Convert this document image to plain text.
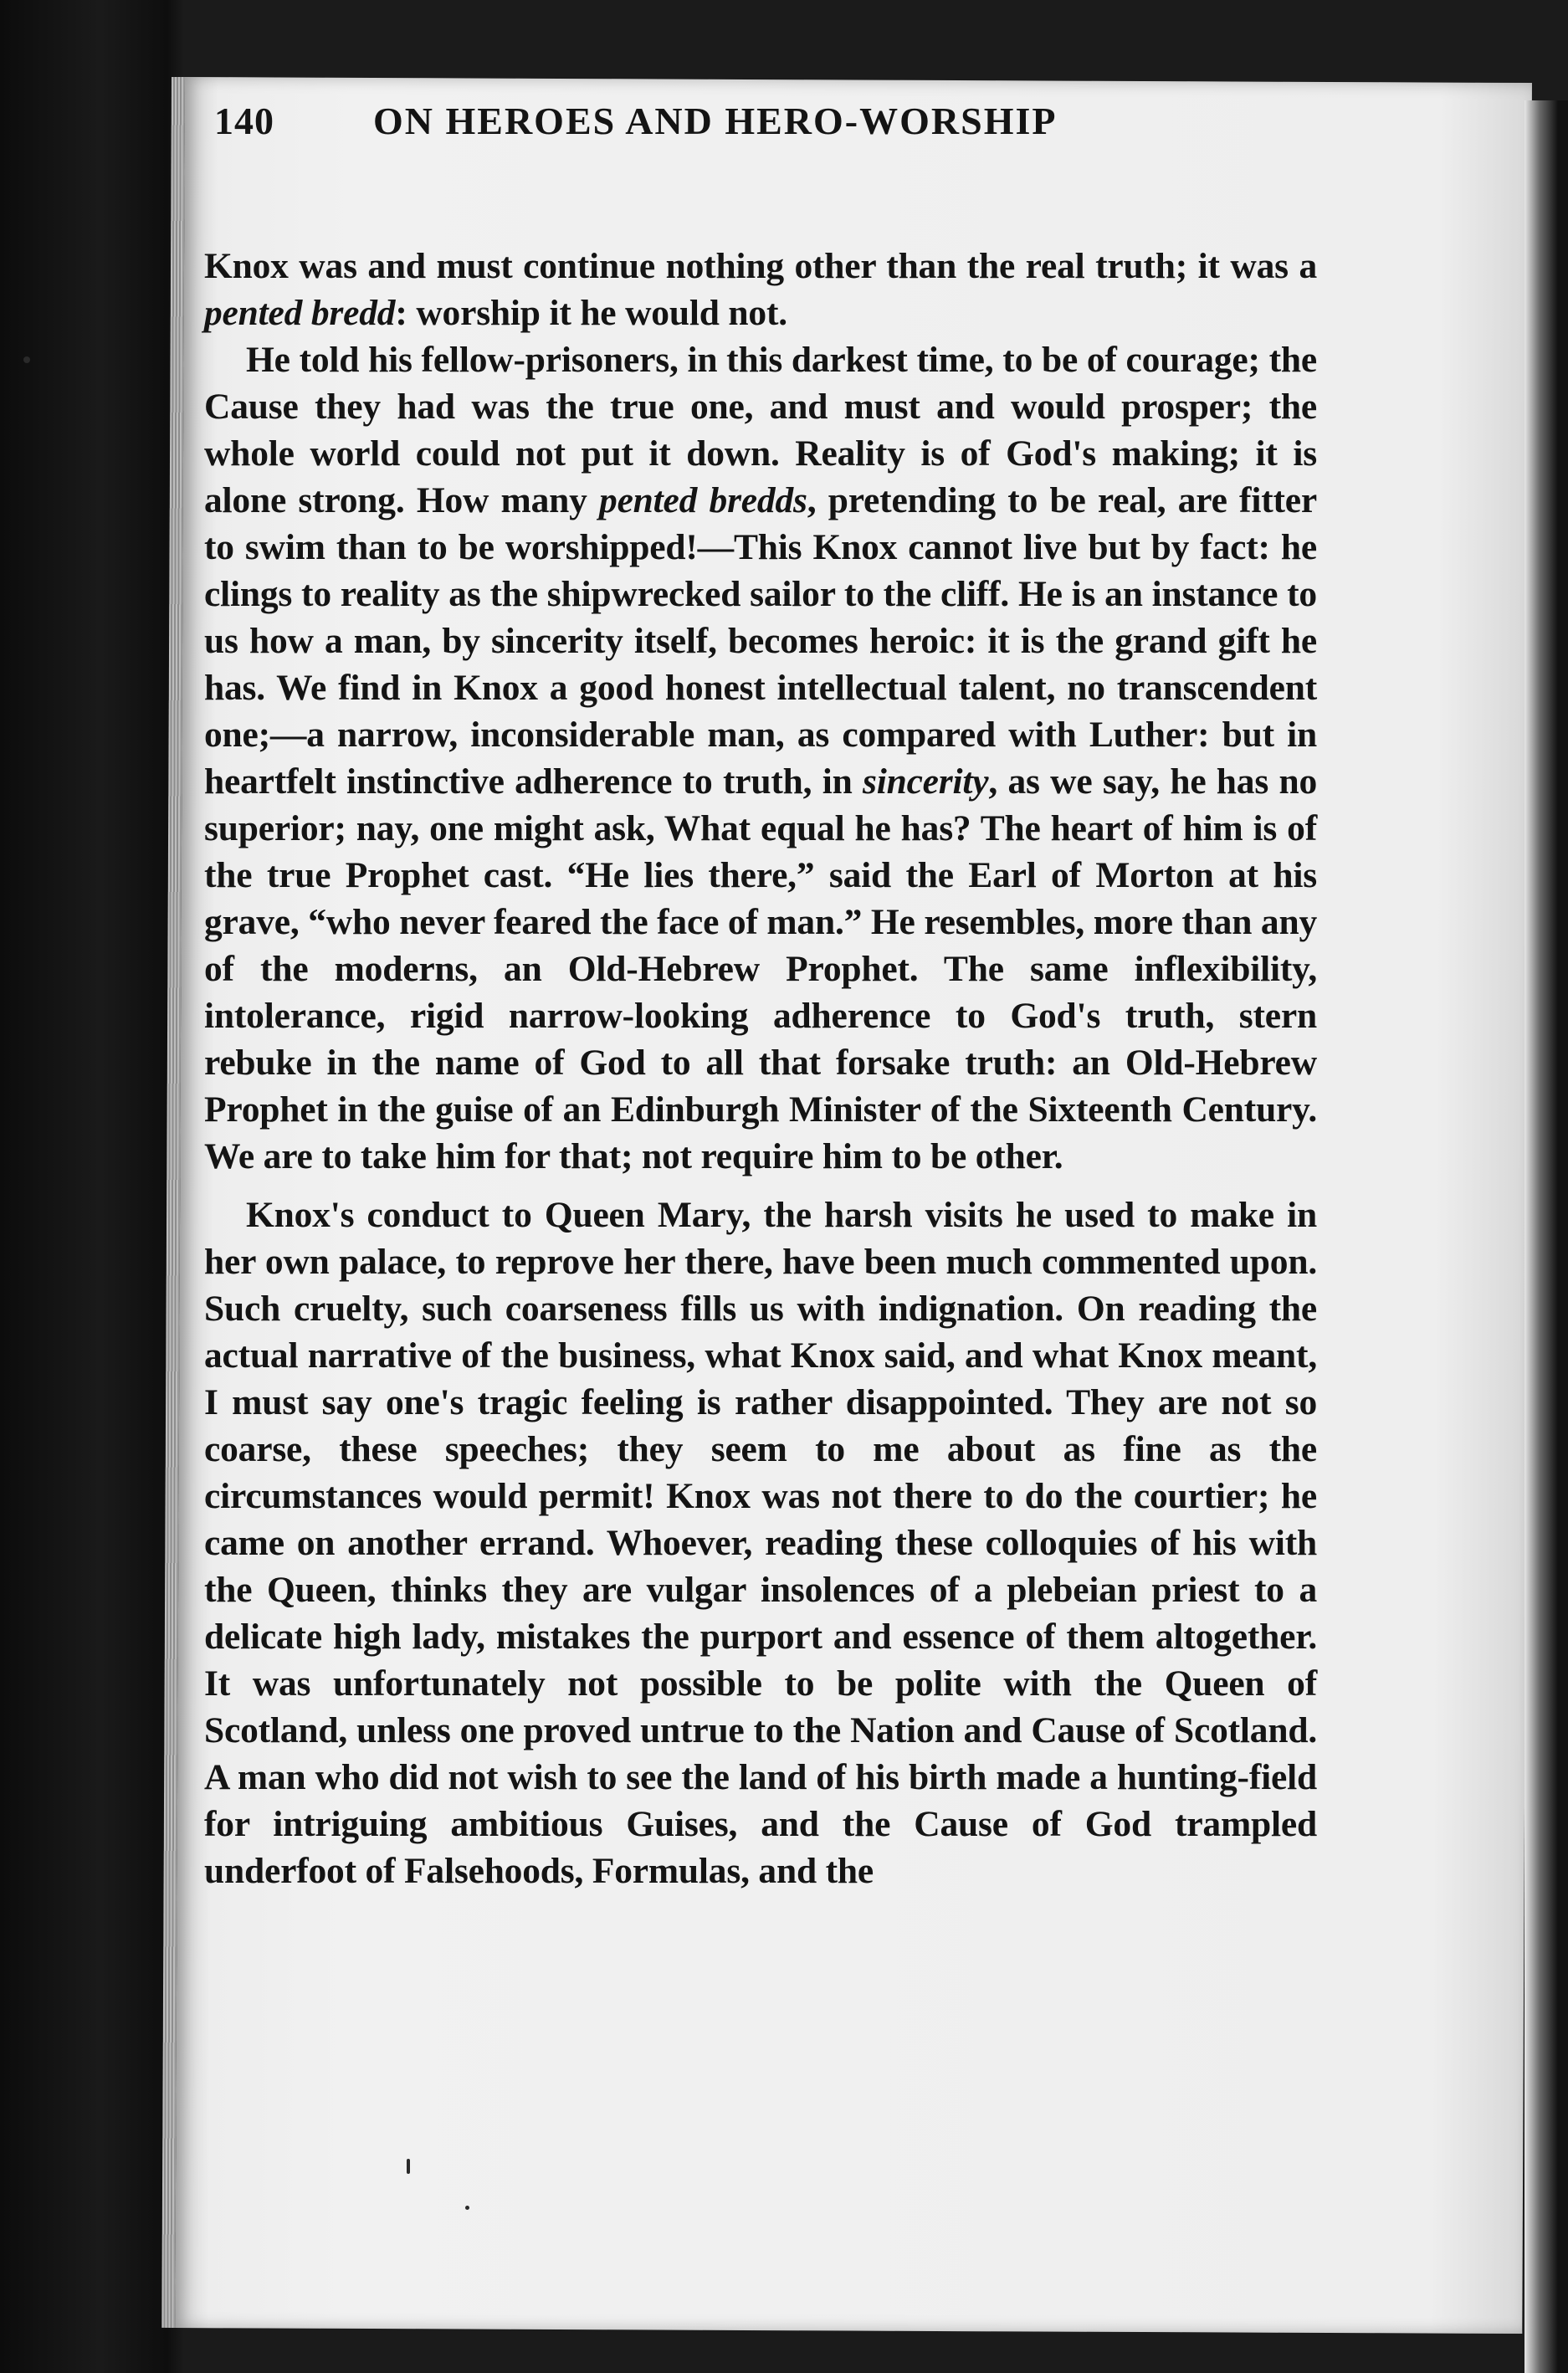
140	ON HEROES AND HERO-WORSHIP

Knox was and must continue nothing other than the real truth; it was a pented bredd: worship it he would not.

He told his fellow-prisoners, in this darkest time, to be of courage; the Cause they had was the true one, and must and would prosper; the whole world could not put it down. Reality is of God's making; it is alone strong. How many pented bredds, pretending to be real, are fitter to swim than to be worshipped!—This Knox cannot live but by fact: he clings to reality as the shipwrecked sailor to the cliff. He is an instance to us how a man, by sincerity itself, becomes heroic: it is the grand gift he has. We find in Knox a good honest intellectual talent, no transcendent one;—a narrow, inconsiderable man, as compared with Luther: but in heartfelt instinctive adherence to truth, in sincerity, as we say, he has no superior; nay, one might ask, What equal he has? The heart of him is of the true Prophet cast. “He lies there,” said the Earl of Morton at his grave, “who never feared the face of man.” He resembles, more than any of the moderns, an Old-Hebrew Prophet. The same inflexibility, intolerance, rigid narrow-looking adherence to God's truth, stern rebuke in the name of God to all that forsake truth: an Old-Hebrew Prophet in the guise of an Edinburgh Minister of the Sixteenth Century. We are to take him for that; not require him to be other.

Knox's conduct to Queen Mary, the harsh visits he used to make in her own palace, to reprove her there, have been much commented upon. Such cruelty, such coarseness fills us with indignation. On reading the actual narrative of the business, what Knox said, and what Knox meant, I must say one's tragic feeling is rather disappointed. They are not so coarse, these speeches; they seem to me about as fine as the circumstances would permit! Knox was not there to do the courtier; he came on another errand. Whoever, reading these colloquies of his with the Queen, thinks they are vulgar insolences of a plebeian priest to a delicate high lady, mistakes the purport and essence of them altogether. It was unfortunately not possible to be polite with the Queen of Scotland, unless one proved untrue to the Nation and Cause of Scotland. A man who did not wish to see the land of his birth made a hunting-field for intriguing ambitious Guises, and the Cause of God trampled underfoot of Falsehoods, Formulas, and the
